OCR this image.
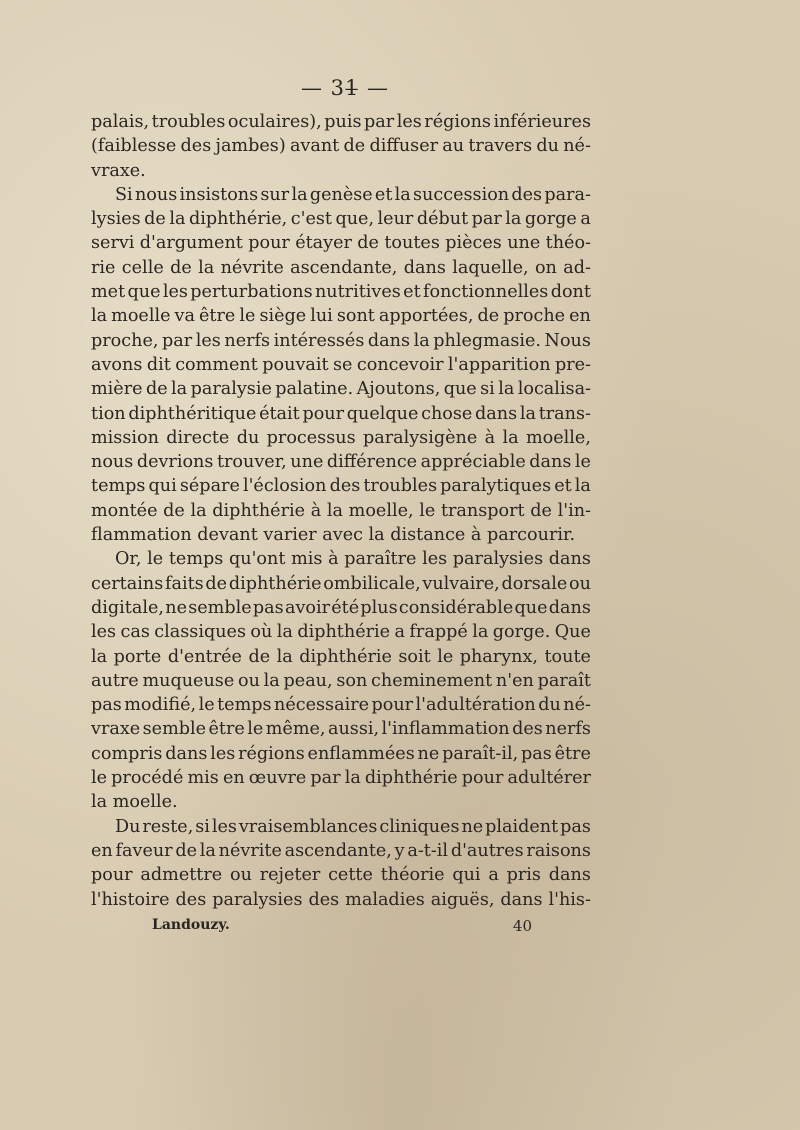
— 31̶̶ —
palais, troubles oculaires), puis par les régions inférieures
(faiblesse des jambes) avant de diffuser au travers du né-
vraxe.
Si nous insistons sur la genèse et la succession des para-
lysies de la diphthérie, c'est que, leur début par la gorge a
servi d'argument pour étayer de toutes pièces une théo-
rie celle de la névrite ascendante, dans laquelle, on ad-
met que les perturbations nutritives et fonctionnelles dont
la moelle va être le siège lui sont apportées, de proche en
proche, par les nerfs intéressés dans la phlegmasie. Nous
avons dit comment pouvait se concevoir l'apparition pre-
mière de la paralysie palatine. Ajoutons, que si la localisa-
tion diphthéritique était pour quelque chose dans la trans-
mission directe du processus paralysigène à la moelle,
nous devrions trouver, une différence appréciable dans le
temps qui sépare l'éclosion des troubles paralytiques et la
montée de la diphthérie à la moelle, le transport de l'in-
flammation devant varier avec la distance à parcourir.
Or, le temps qu'ont mis à paraître les paralysies dans
certains faits de diphthérie ombilicale, vulvaire, dorsale ou
digitale, ne semble pas avoir été plus considérable que dans
les cas classiques où la diphthérie a frappé la gorge. Que
la porte d'entrée de la diphthérie soit le pharynx, toute
autre muqueuse ou la peau, son cheminement n'en paraît
pas modifié, le temps nécessaire pour l'adultération du né-
vraxe semble être le même, aussi, l'inflammation des nerfs
compris dans les régions enflammées ne paraît-il, pas être
le procédé mis en œuvre par la diphthérie pour adultérer
la moelle.
Du reste, si les vraisemblances cliniques ne plaident pas
en faveur de la névrite ascendante, y a-t-il d'autres raisons
pour admettre ou rejeter cette théorie qui a pris dans
l'histoire des paralysies des maladies aiguës, dans l'his-
Landouzy.	40
